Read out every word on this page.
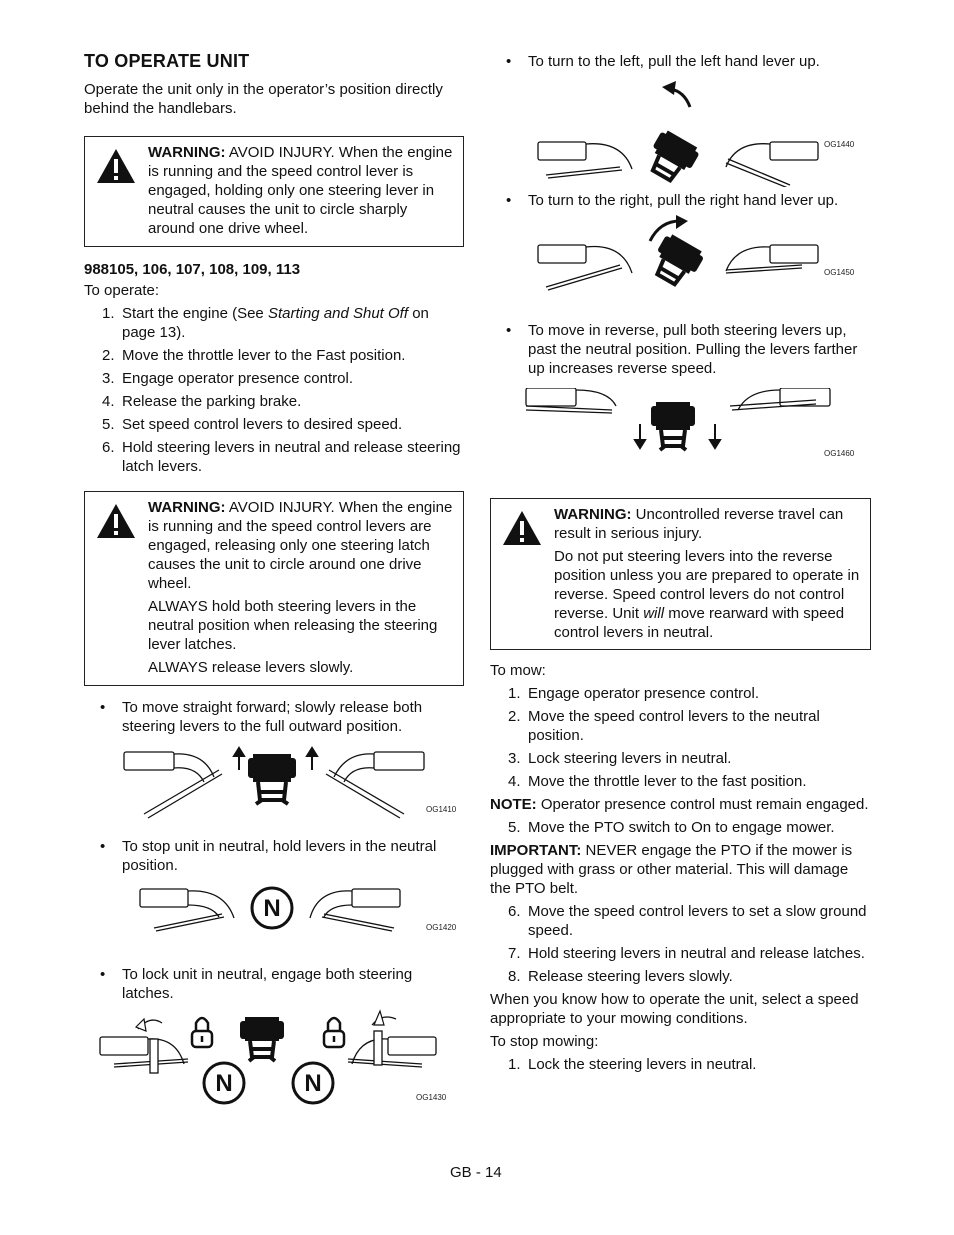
TO OPERATE UNIT

Operate the unit only in the operator’s position directly behind the handlebars.

WARNING: AVOID INJURY. When the engine is running and the speed control lever is engaged, holding only one steering lever in neutral causes the unit to circle sharply around one drive wheel.

988105, 106, 107, 108, 109, 113

To operate:

1. Start the engine (See Starting and Shut Off on page 13).
2. Move the throttle lever to the Fast position.
3. Engage operator presence control.
4. Release the parking brake.
5. Set speed control levers to desired speed.
6. Hold steering levers in neutral and release steering latch levers.

WARNING: AVOID INJURY. When the engine is running and the speed control levers are engaged, releasing only one steering latch causes the unit to circle around one drive wheel.

ALWAYS hold both steering levers in the neutral position when releasing the steering lever latches.

ALWAYS release levers slowly.

• To move straight forward; slowly release both steering levers to the full outward position.
OG1410
• To stop unit in neutral, hold levers in the neutral position.
N
OG1420
• To lock unit in neutral, engage both steering latches.
N	N
OG1430
• To turn to the left, pull the left hand lever up.
OG1440
• To turn to the right, pull the right hand lever up.
OG1450
• To move in reverse, pull both steering levers up, past the neutral position. Pulling the levers farther up increases reverse speed.
OG1460

WARNING: Uncontrolled reverse travel can result in serious injury.

Do not put steering levers into the reverse position unless you are prepared to operate in reverse. Speed control levers do not control reverse. Unit will move rearward with speed control levers in neutral.

To mow:

1. Engage operator presence control.
2. Move the speed control levers to the neutral position.
3. Lock steering levers in neutral.
4. Move the throttle lever to the fast position.

NOTE: Operator presence control must remain engaged.

5. Move the PTO switch to On to engage mower.

IMPORTANT: NEVER engage the PTO if the mower is plugged with grass or other material. This will damage the PTO belt.

6. Move the speed control levers to set a slow ground speed.
7. Hold steering levers in neutral and release latches.
8. Release steering levers slowly.

When you know how to operate the unit, select a speed appropriate to your mowing conditions.

To stop mowing:

1. Lock the steering levers in neutral.
GB - 14
